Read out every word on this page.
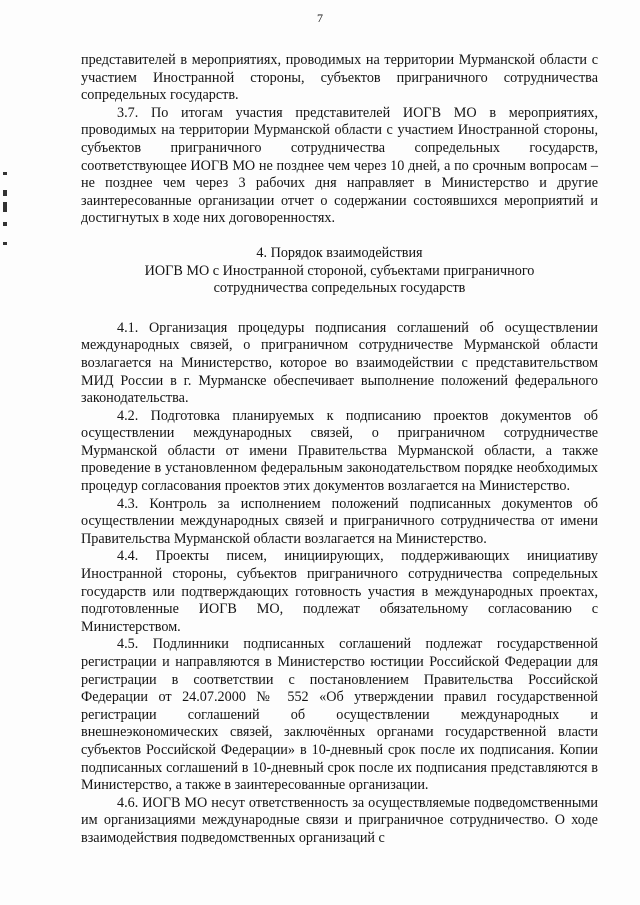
7

представителей в мероприятиях, проводимых на территории Мурманской области с участием Иностранной стороны, субъектов приграничного сотрудничества сопредельных государств.

3.7. По итогам участия представителей ИОГВ МО в мероприятиях, проводимых на территории Мурманской области с участием Иностранной стороны, субъектов приграничного сотрудничества сопредельных государств, соответствующее ИОГВ МО не позднее чем через 10 дней, а по срочным вопросам – не позднее чем через 3 рабочих дня направляет в Министерство и другие заинтересованные организации отчет о содержании состоявшихся мероприятий и достигнутых в ходе них договоренностях.

4. Порядок взаимодействия

ИОГВ МО с Иностранной стороной, субъектами приграничного

сотрудничества сопредельных государств

4.1. Организация процедуры подписания соглашений об осуществлении международных связей, о приграничном сотрудничестве Мурманской области возлагается на Министерство, которое во взаимодействии с представительством МИД России в г. Мурманске обеспечивает выполнение положений федерального законодательства.

4.2. Подготовка планируемых к подписанию проектов документов об осуществлении международных связей, о приграничном сотрудничестве Мурманской области от имени Правительства Мурманской области, а также проведение в установленном федеральным законодательством порядке необходимых процедур согласования проектов этих документов возлагается на Министерство.

4.3. Контроль за исполнением положений подписанных документов об осуществлении международных связей и приграничного сотрудничества от имени Правительства Мурманской области возлагается на Министерство.

4.4. Проекты писем, инициирующих, поддерживающих инициативу Иностранной стороны, субъектов приграничного сотрудничества сопредельных государств или подтверждающих готовность участия в международных проектах, подготовленные ИОГВ МО, подлежат обязательному согласованию с Министерством.

4.5. Подлинники подписанных соглашений подлежат государственной регистрации и направляются в Министерство юстиции Российской Федерации для регистрации в соответствии с постановлением Правительства Российской Федерации от 24.07.2000 № 552 «Об утверждении правил государственной регистрации соглашений об осуществлении международных и внешнеэкономических связей, заключённых органами государственной власти субъектов Российской Федерации» в 10-дневный срок после их подписания. Копии подписанных соглашений в 10-дневный срок после их подписания представляются в Министерство, а также в заинтересованные организации.

4.6. ИОГВ МО несут ответственность за осуществляемые подведомственными им организациями международные связи и приграничное сотрудничество. О ходе взаимодействия подведомственных организаций с
